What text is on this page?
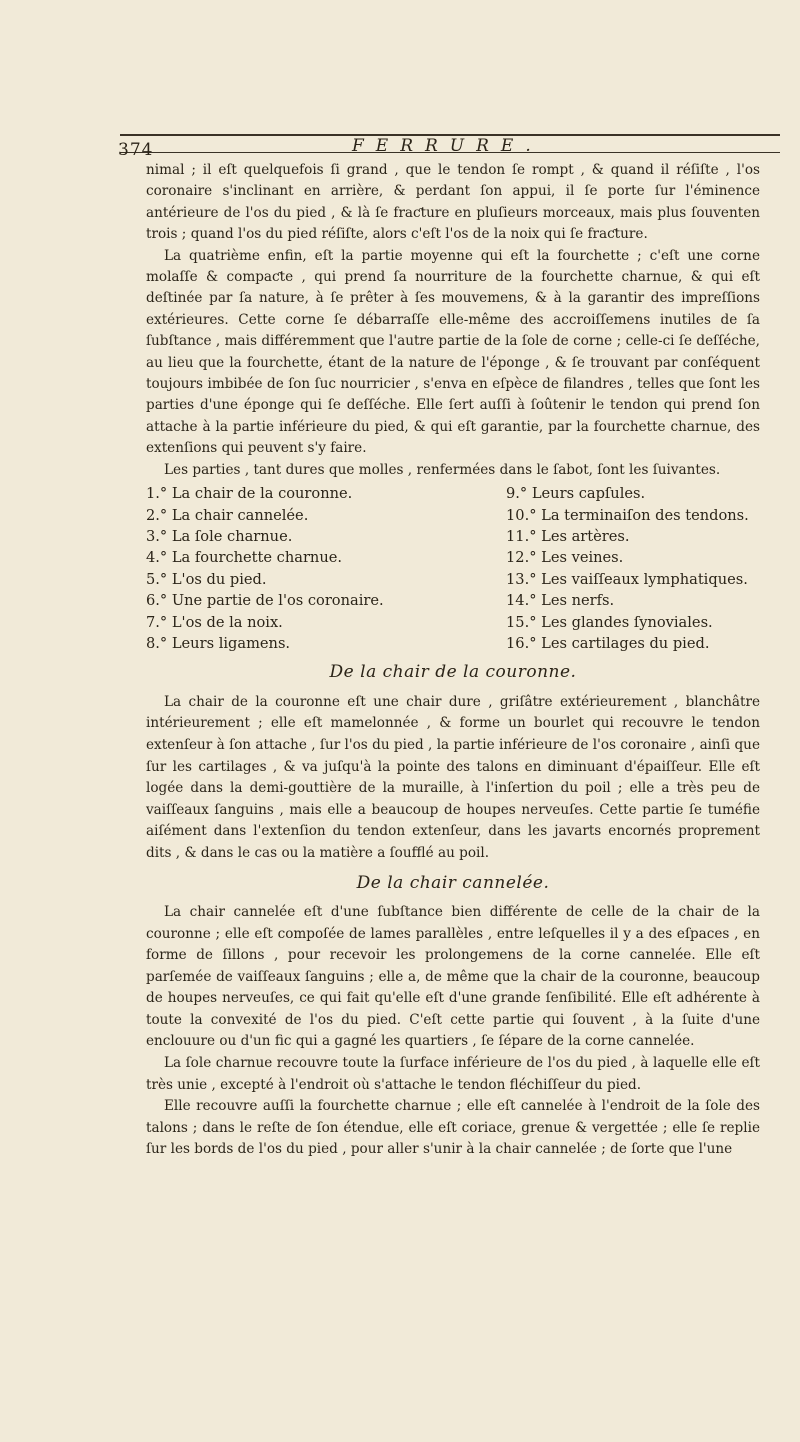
374	FERRURE.

nimal ; il eſt quelquefois ſi grand , que le tendon ſe rompt , & quand il réſiſte , l'os coronaire s'inclinant en arrière, & perdant ſon appui, il ſe porte ſur l'éminence antérieure de l'os du pied , & là ſe fraƈture en pluſieurs morceaux, mais plus ſouventen trois ; quand l'os du pied réſiſte, alors c'eſt l'os de la noix qui ſe fraƈture.

La quatrième enfin, eſt la partie moyenne qui eſt la fourchette ; c'eſt une corne molaſſe & compaƈte , qui prend ſa nourriture de la fourchette charnue, & qui eſt deſtinée par ſa nature, à ſe prêter à ſes mouvemens, & à la garantir des impreſſions extérieures. Cette corne ſe débarraſſe elle-même des accroiſſemens inutiles de ſa ſubſtance , mais différemment que l'autre partie de la ſole de corne ; celle-ci ſe deſſéche, au lieu que la fourchette, étant de la nature de l'éponge , & ſe trouvant par conſéquent toujours imbibée de ſon ſuc nourricier , s'enva en eſpèce de filandres , telles que ſont les parties d'une éponge qui ſe deſſéche. Elle ſert auſſi à ſoûtenir le tendon qui prend ſon attache à la partie inférieure du pied, & qui eſt garantie, par la fourchette charnue, des extenſions qui peuvent s'y faire.

Les parties , tant dures que molles , renfermées dans le ſabot, ſont les ſuivantes.

1.° La chair de la couronne.
2.° La chair cannelée.
3.° La ſole charnue.
4.° La fourchette charnue.
5.° L'os du pied.
6.° Une partie de l'os coronaire.
7.° L'os de la noix.
8.° Leurs ligamens.
9.° Leurs capſules.
10.° La terminaiſon des tendons.
11.° Les artères.
12.° Les veines.
13.° Les vaiſſeaux lymphatiques.
14.° Les nerfs.
15.° Les glandes ſynoviales.
16.° Les cartilages du pied.
De la chair de la couronne.

La chair de la couronne eſt une chair dure , griſâtre extérieurement , blanchâtre intérieurement ; elle eſt mamelonnée , & forme un bourlet qui recouvre le tendon extenſeur à ſon attache , ſur l'os du pied , la partie inférieure de l'os coronaire , ainſi que ſur les cartilages , & va juſqu'à la pointe des talons en diminuant d'épaiſſeur. Elle eſt logée dans la demi-gouttière de la muraille, à l'inſertion du poil ; elle a très peu de vaiſſeaux ſanguins , mais elle a beaucoup de houpes nerveuſes. Cette partie ſe tuméfie aiſément dans l'extenſion du tendon extenſeur, dans les javarts encornés proprement dits , & dans le cas ou la matière a ſoufflé au poil.

De la chair cannelée.

La chair cannelée eſt d'une ſubſtance bien différente de celle de la chair de la couronne ; elle eſt compoſée de lames parallèles , entre leſquelles il y a des eſpaces , en forme de ſillons , pour recevoir les prolongemens de la corne cannelée. Elle eſt parſemée de vaiſſeaux ſanguins ; elle a, de même que la chair de la couronne, beaucoup de houpes nerveuſes, ce qui fait qu'elle eſt d'une grande ſenſibilité. Elle eſt adhérente à toute la convexité de l'os du pied. C'eſt cette partie qui ſouvent , à la ſuite d'une enclouure ou d'un fic qui a gagné les quartiers , ſe ſépare de la corne cannelée.

La ſole charnue recouvre toute la ſurface inférieure de l'os du pied , à laquelle elle eſt très unie , excepté à l'endroit où s'attache le tendon fléchiſſeur du pied.

Elle recouvre auſſi la fourchette charnue ; elle eſt cannelée à l'endroit de la ſole des talons ; dans le reſte de ſon étendue, elle eſt coriace, grenue & vergettée ; elle ſe replie ſur les bords de l'os du pied , pour aller s'unir à la chair cannelée ; de ſorte que l'une
